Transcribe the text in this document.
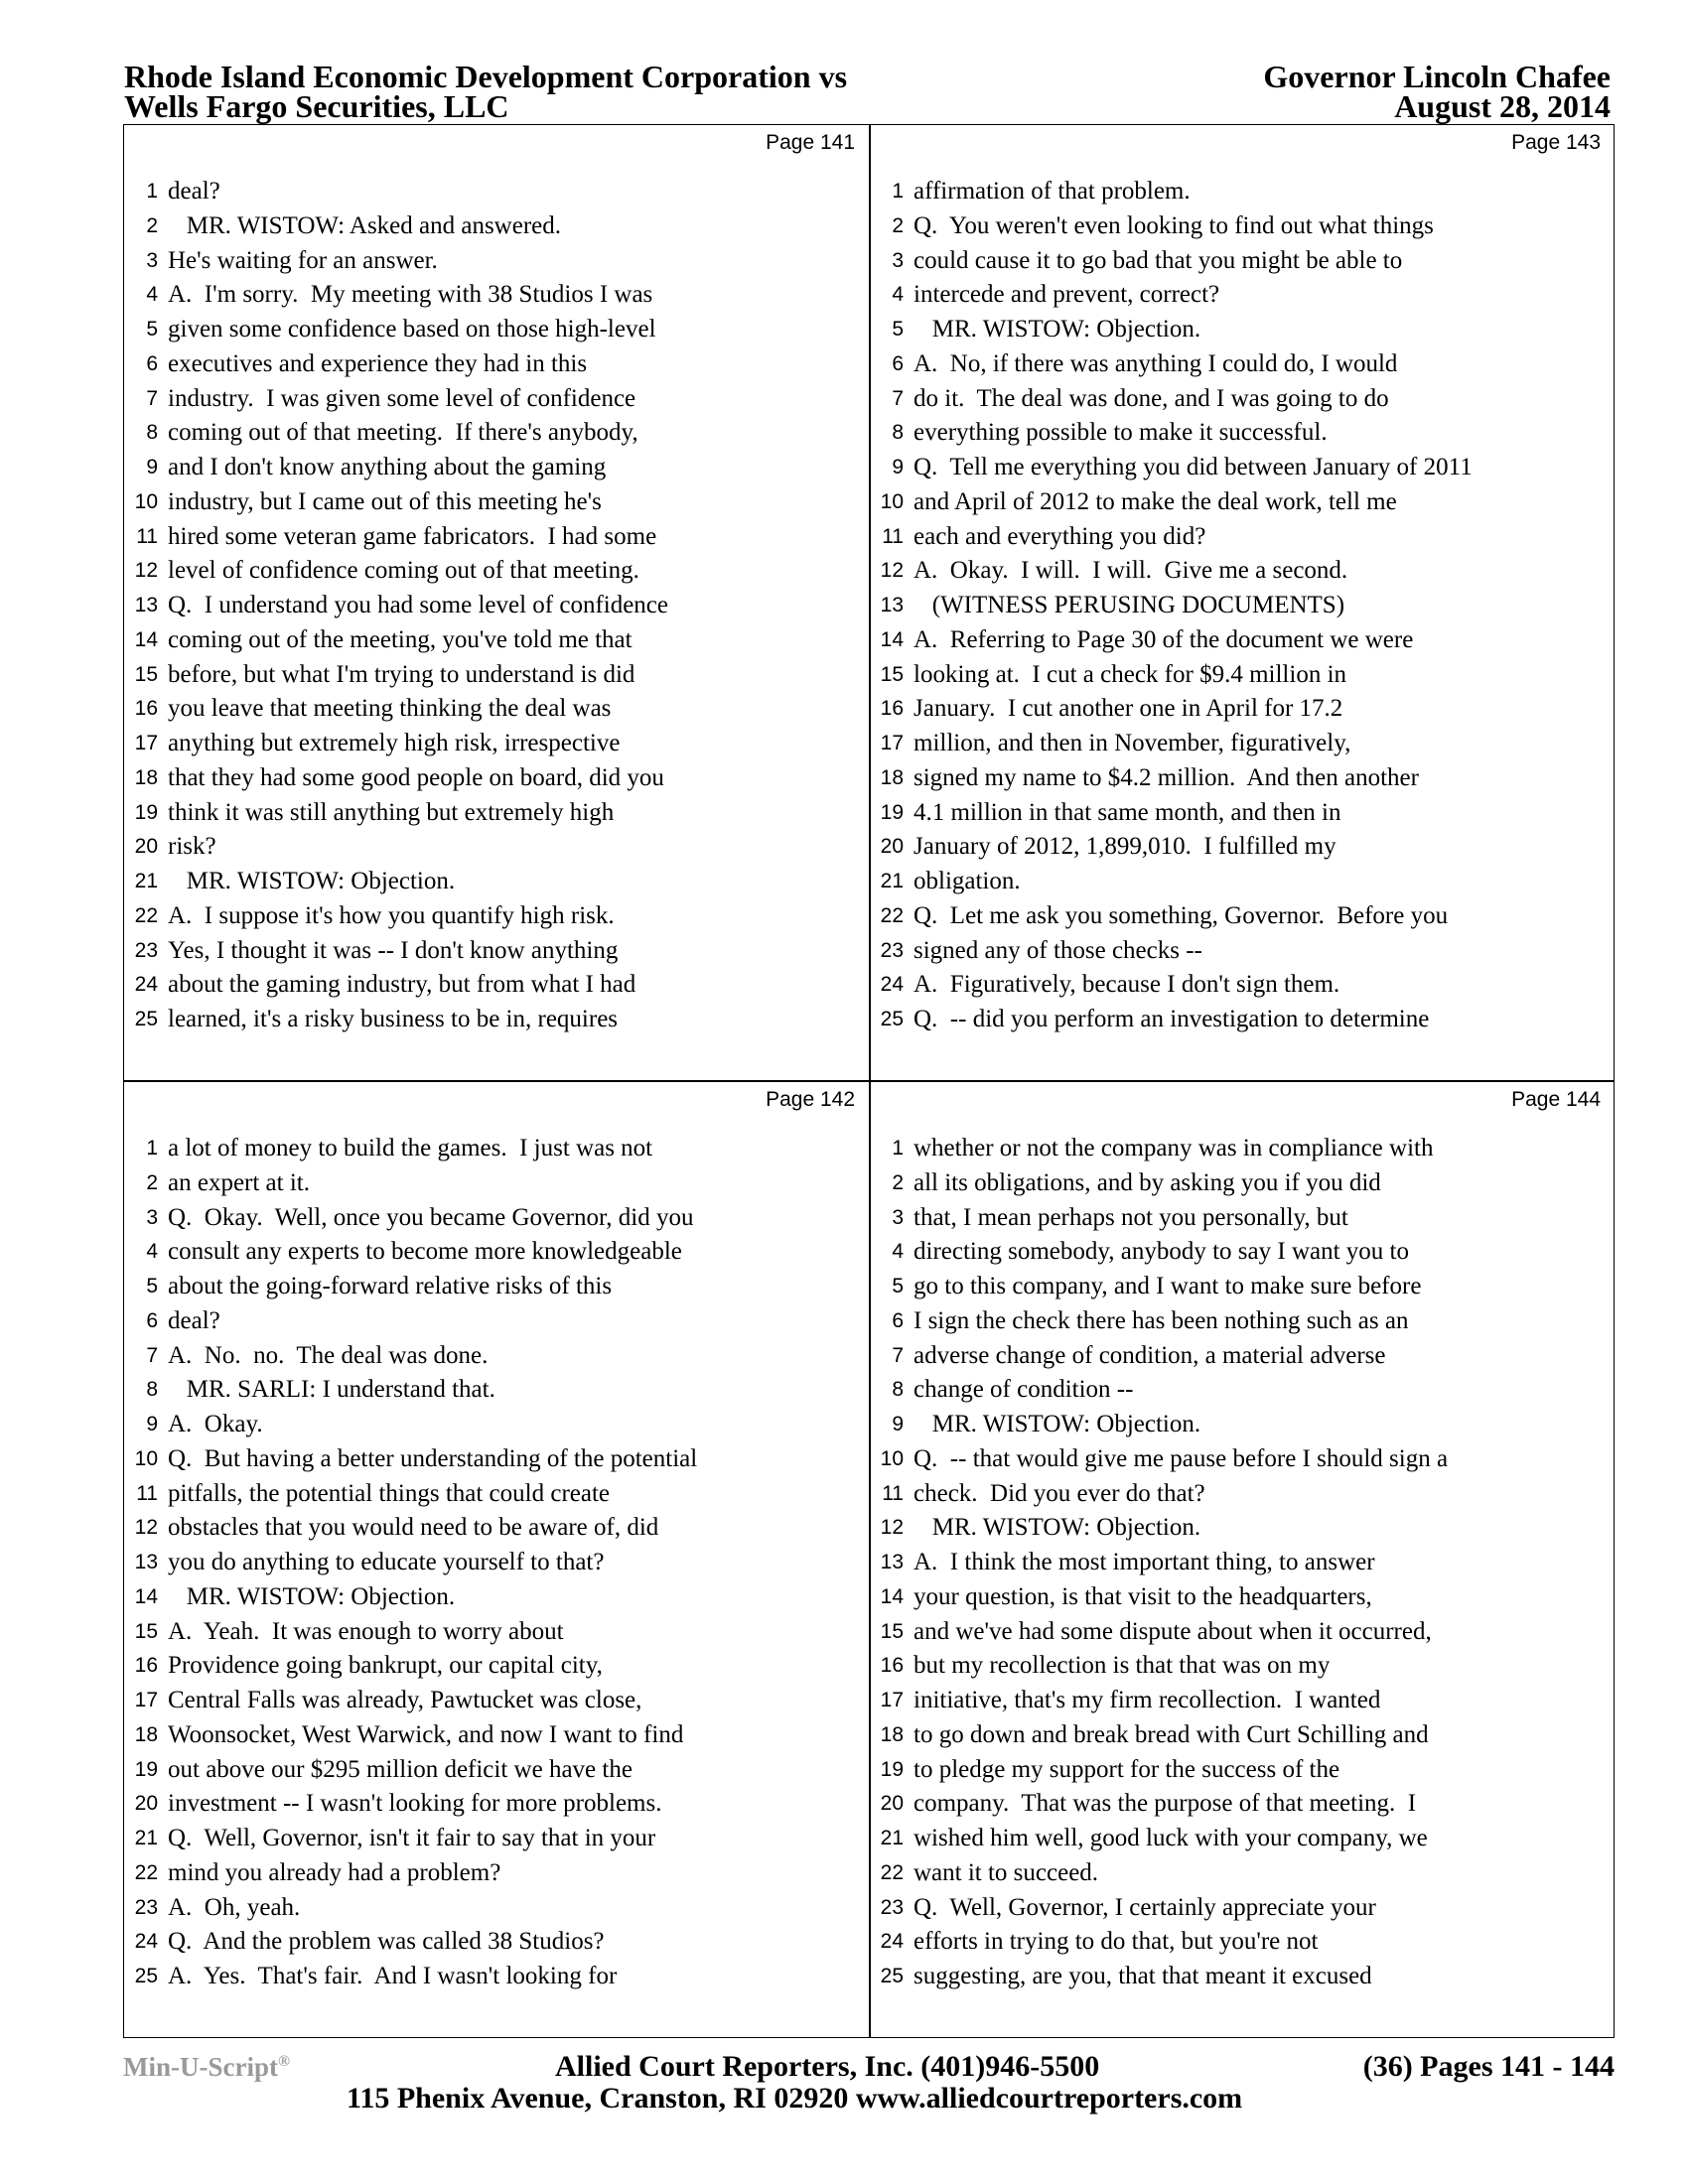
Rhode Island Economic Development Corporation vs
Wells Fargo Securities, LLC
Governor Lincoln Chafee
August 28, 2014
Page 141
1 deal?
2 MR. WISTOW: Asked and answered.
3 He's waiting for an answer.
4 A.  I'm sorry.  My meeting with 38 Studios I was
5 given some confidence based on those high-level
6 executives and experience they had in this
7 industry.  I was given some level of confidence
8 coming out of that meeting.  If there's anybody,
9 and I don't know anything about the gaming
10 industry, but I came out of this meeting he's
11 hired some veteran game fabricators.  I had some
12 level of confidence coming out of that meeting.
13 Q.  I understand you had some level of confidence
14 coming out of the meeting, you've told me that
15 before, but what I'm trying to understand is did
16 you leave that meeting thinking the deal was
17 anything but extremely high risk, irrespective
18 that they had some good people on board, did you
19 think it was still anything but extremely high
20 risk?
21 MR. WISTOW: Objection.
22 A.  I suppose it's how you quantify high risk.
23 Yes, I thought it was -- I don't know anything
24 about the gaming industry, but from what I had
25 learned, it's a risky business to be in, requires
Page 143
1 affirmation of that problem.
2 Q.  You weren't even looking to find out what things
3 could cause it to go bad that you might be able to
4 intercede and prevent, correct?
5 MR. WISTOW: Objection.
6 A.  No, if there was anything I could do, I would
7 do it.  The deal was done, and I was going to do
8 everything possible to make it successful.
9 Q.  Tell me everything you did between January of 2011
10 and April of 2012 to make the deal work, tell me
11 each and everything you did?
12 A.  Okay.  I will.  I will.  Give me a second.
13 (WITNESS PERUSING DOCUMENTS)
14 A.  Referring to Page 30 of the document we were
15 looking at.  I cut a check for $9.4 million in
16 January.  I cut another one in April for 17.2
17 million, and then in November, figuratively,
18 signed my name to $4.2 million.  And then another
19 4.1 million in that same month, and then in
20 January of 2012, 1,899,010.  I fulfilled my
21 obligation.
22 Q.  Let me ask you something, Governor.  Before you
23 signed any of those checks --
24 A.  Figuratively, because I don't sign them.
25 Q.  -- did you perform an investigation to determine
Page 142
1 a lot of money to build the games.  I just was not
2 an expert at it.
3 Q.  Okay.  Well, once you became Governor, did you
4 consult any experts to become more knowledgeable
5 about the going-forward relative risks of this
6 deal?
7 A.  No.  no.  The deal was done.
8 MR. SARLI: I understand that.
9 A.  Okay.
10 Q.  But having a better understanding of the potential
11 pitfalls, the potential things that could create
12 obstacles that you would need to be aware of, did
13 you do anything to educate yourself to that?
14 MR. WISTOW: Objection.
15 A.  Yeah.  It was enough to worry about
16 Providence going bankrupt, our capital city,
17 Central Falls was already, Pawtucket was close,
18 Woonsocket, West Warwick, and now I want to find
19 out above our $295 million deficit we have the
20 investment -- I wasn't looking for more problems.
21 Q.  Well, Governor, isn't it fair to say that in your
22 mind you already had a problem?
23 A.  Oh, yeah.
24 Q.  And the problem was called 38 Studios?
25 A.  Yes.  That's fair.  And I wasn't looking for
Page 144
1 whether or not the company was in compliance with
2 all its obligations, and by asking you if you did
3 that, I mean perhaps not you personally, but
4 directing somebody, anybody to say I want you to
5 go to this company, and I want to make sure before
6 I sign the check there has been nothing such as an
7 adverse change of condition, a material adverse
8 change of condition --
9 MR. WISTOW: Objection.
10 Q.  -- that would give me pause before I should sign a
11 check.  Did you ever do that?
12 MR. WISTOW: Objection.
13 A.  I think the most important thing, to answer
14 your question, is that visit to the headquarters,
15 and we've had some dispute about when it occurred,
16 but my recollection is that that was on my
17 initiative, that's my firm recollection.  I wanted
18 to go down and break bread with Curt Schilling and
19 to pledge my support for the success of the
20 company.  That was the purpose of that meeting.  I
21 wished him well, good luck with your company, we
22 want it to succeed.
23 Q.  Well, Governor, I certainly appreciate your
24 efforts in trying to do that, but you're not
25 suggesting, are you, that that meant it excused
Min-U-Script®	Allied Court Reporters, Inc. (401)946-5500	(36) Pages 141 - 144
115 Phenix Avenue, Cranston, RI 02920 www.alliedcourtreporters.com
